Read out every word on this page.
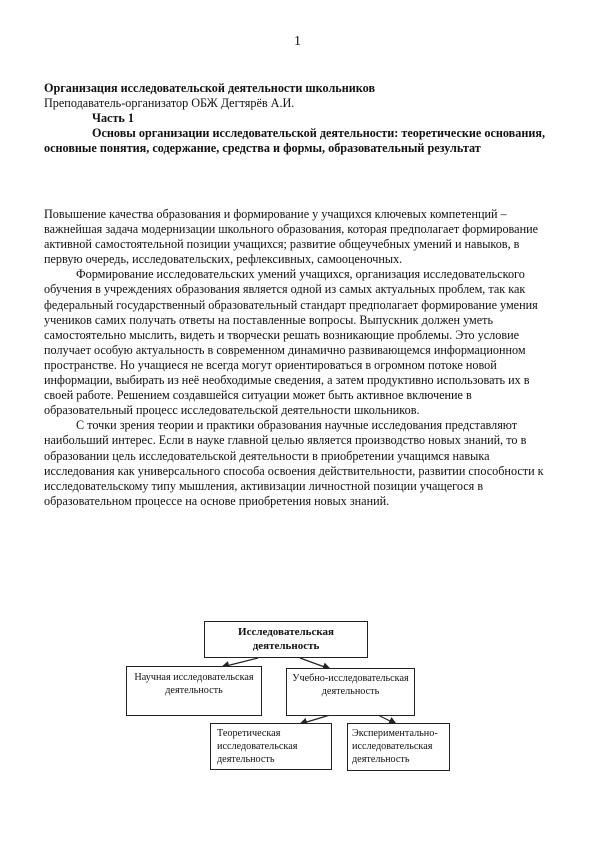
1
Организация исследовательской деятельности школьников
Преподаватель-организатор ОБЖ Дегтярёв А.И.
Часть 1
Основы организации исследовательской деятельности: теоретические основания, основные понятия, содержание, средства и формы, образовательный результат

Повышение качества образования и формирование у учащихся ключевых компетенций – важнейшая задача модернизации школьного образования, которая предполагает формирование активной самостоятельной позиции учащихся; развитие общеучебных умений и навыков, в первую очередь, исследовательских, рефлексивных, самооценочных.

Формирование исследовательских умений учащихся, организация исследовательского обучения в учреждениях образования является одной из самых актуальных проблем, так как федеральный государственный образовательный стандарт предполагает формирование умения учеников самих получать ответы на поставленные вопросы. Выпускник должен уметь самостоятельно мыслить, видеть и творчески решать возникающие проблемы. Это условие получает особую актуальность в современном динамично развивающемся информационном пространстве. Но учащиеся не всегда могут ориентироваться в огромном потоке новой информации, выбирать из неё необходимые сведения, а затем продуктивно использовать их в своей работе. Решением создавшейся ситуации может быть активное включение в образовательный процесс исследовательской деятельности школьников.

С точки зрения теории и практики образования научные исследования представляют наибольший интерес. Если в науке главной целью является производство новых знаний, то в образовании цель исследовательской деятельности в приобретении учащимся навыка исследования как универсального способа освоения действительности, развитии способности к исследовательскому типу мышления, активизации личностной позиции учащегося в образовательном процессе на основе приобретения новых знаний.

Исследовательская деятельность
Научная исследовательская деятельность
Учебно-исследовательская деятельность
Теоретическая исследовательская деятельность
Экспериментально-исследовательская деятельность
